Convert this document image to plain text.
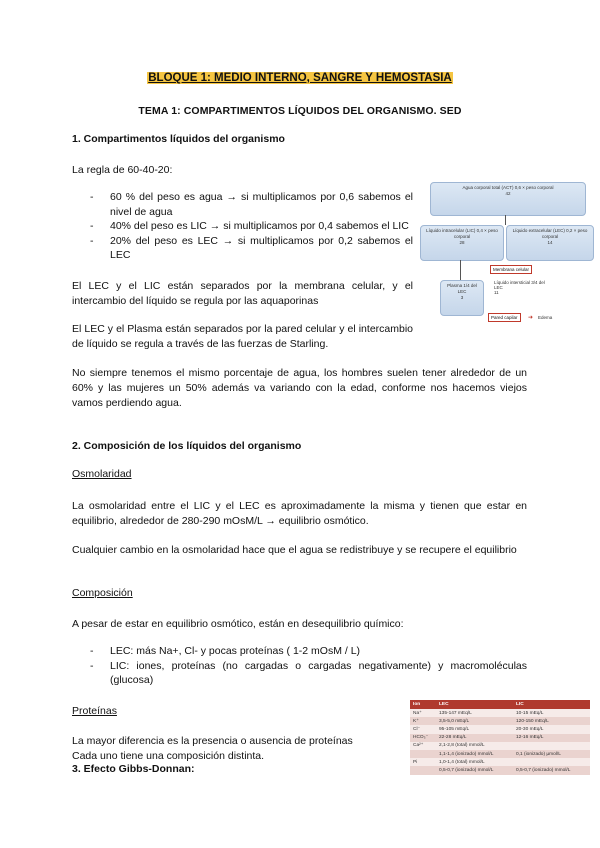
BLOQUE 1: MEDIO INTERNO, SANGRE Y HEMOSTASIA
TEMA 1: COMPARTIMENTOS LÍQUIDOS DEL ORGANISMO. SED
1. Compartimentos líquidos del organismo
La regla de 60-40-20:
- 60 % del peso es agua → si multiplicamos por 0,6 sabemos el nivel de agua
- 40% del peso es LIC → si multiplicamos por 0,4 sabemos el LIC
- 20% del peso es LEC → si multiplicamos por 0,2 sabemos el LEC
El LEC y el LIC están separados por la membrana celular, y el intercambio del líquido se regula por las aquaporinas
El LEC y el Plasma están separados por la pared celular y el intercambio de líquido se regula a través de las fuerzas de Starling.
No siempre tenemos el mismo porcentaje de agua, los hombres suelen tener alrededor de un 60% y las mujeres un 50% además va variando con la edad, conforme nos hacemos viejos vamos perdiendo agua.
Agua corporal total (ACT) 0,6 × peso corporal
42
Líquido intracelular (LIC) 0,4 × peso corporal
28
Líquido extracelular (LEC) 0,2 × peso corporal
14
Membrana celular
Plasma 1/4 del LEC
3
Líquido intersticial 3/4 del LEC
11
Pared capilar	➜ Edema
2. Composición de los líquidos del organismo
Osmolaridad
La osmolaridad entre el LIC y el LEC es aproximadamente la misma y tienen que estar en equilibrio, alrededor de 280-290 mOsM/L → equilibrio osmótico.
Cualquier cambio en la osmolaridad hace que el agua se redistribuye y se recupere el equilibrio
Composición
A pesar de estar en equilibrio osmótico, están en desequilibrio químico:
- LEC: más Na+, Cl- y pocas proteínas ( 1-2 mOsM / L)
- LIC: iones, proteínas (no cargadas o cargadas negativamente) y macromoléculas (glucosa)
Proteínas
La mayor diferencia es la presencia o ausencia de proteínas
Cada uno tiene una composición distinta.
3. Efecto Gibbs-Donnan:
Ion	LEC	LIC
Na⁺	135-147 mEq/L	10-15 mEq/L
K⁺	3,5-5,0 mEq/L	120-150 mEq/L
Cl⁻	95-105 mEq/L	20-30 mEq/L
HCO₃⁻	22-28 mEq/L	12-16 mEq/L
Ca²⁺	2,1-2,8 (total) mmol/L	
	1,1-1,4 (ionizado) mmol/L	0,1 (ionizado) µmol/L
Pi	1,0-1,4 (total) mmol/L	
	0,5-0,7 (ionizado) mmol/L	0,5-0,7 (ionizado) mmol/L
